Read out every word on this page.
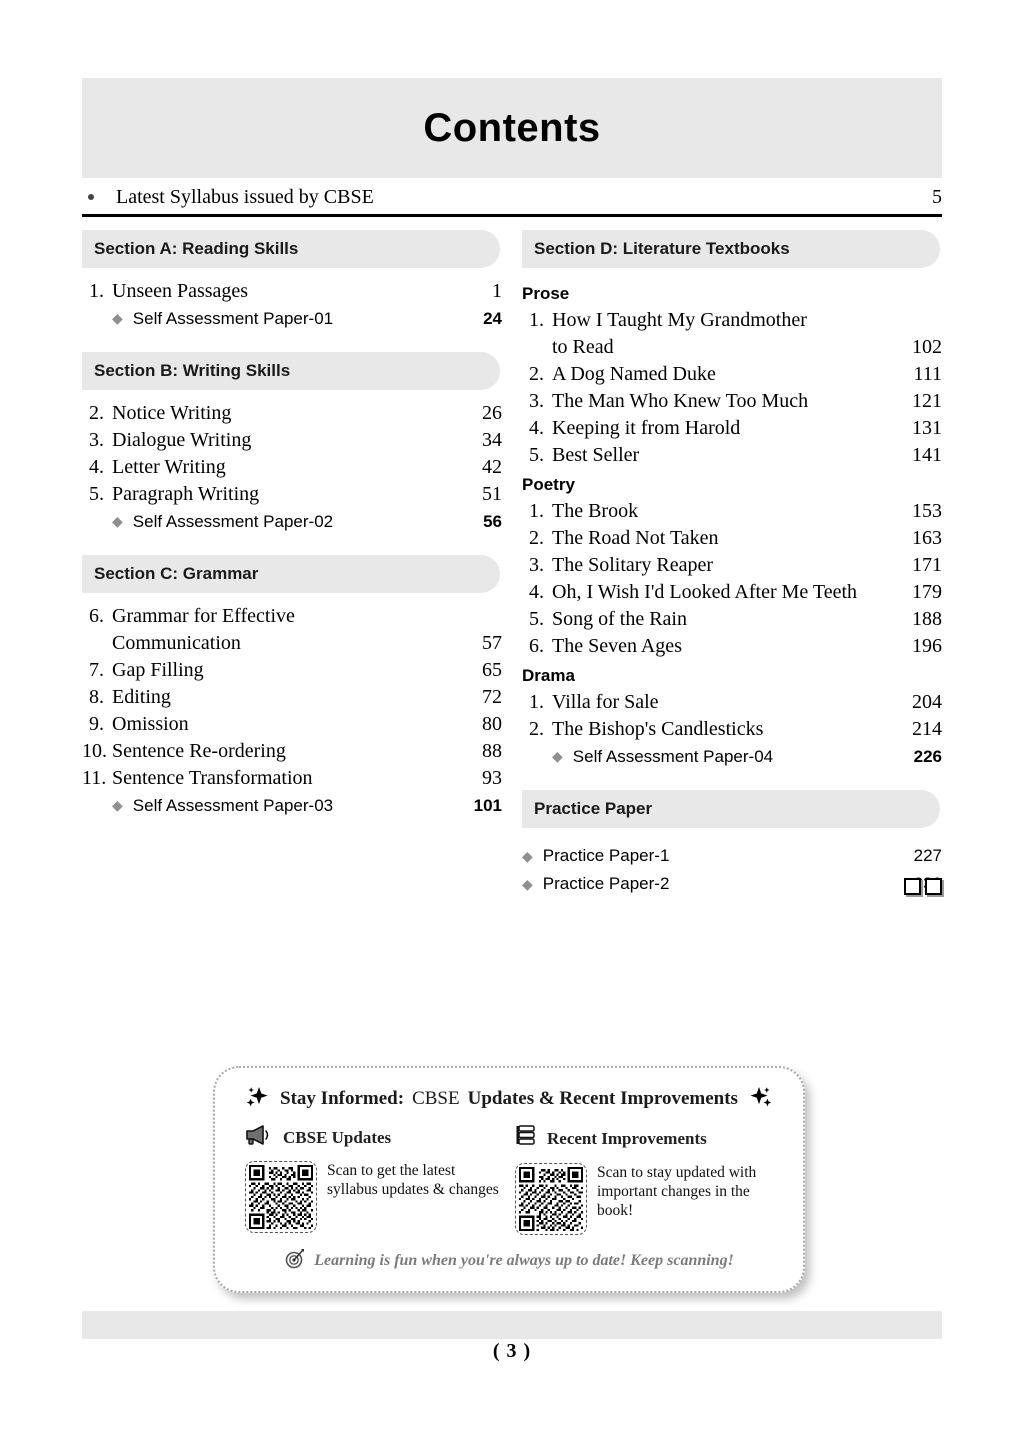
Contents
Latest Syllabus issued by CBSE	5
Section A: Reading Skills
1. Unseen Passages	1
◆ Self Assessment Paper-01	24
Section B: Writing Skills
2. Notice Writing	26
3. Dialogue Writing	34
4. Letter Writing	42
5. Paragraph Writing	51
◆ Self Assessment Paper-02	56
Section C: Grammar
6. Grammar for Effective
Communication	57
7. Gap Filling	65
8. Editing	72
9. Omission	80
10. Sentence Re-ordering	88
11. Sentence Transformation	93
◆ Self Assessment Paper-03	101
Section D: Literature Textbooks
Prose
1. How I Taught My Grandmother
to Read	102
2. A Dog Named Duke	111
3. The Man Who Knew Too Much	121
4. Keeping it from Harold	131
5. Best Seller	141
Poetry
1. The Brook	153
2. The Road Not Taken	163
3. The Solitary Reaper	171
4. Oh, I Wish I'd Looked After Me Teeth	179
5. Song of the Rain	188
6. The Seven Ages	196
Drama
1. Villa for Sale	204
2. The Bishop's Candlesticks	214
◆ Self Assessment Paper-04	226
Practice Paper
◆ Practice Paper-1	227
◆ Practice Paper-2
Stay Informed: CBSE Updates & Recent Improvements
CBSE Updates
Scan to get the latest syllabus updates & changes
Recent Improvements
Scan to stay updated with important changes in the book!
Learning is fun when you're always up to date! Keep scanning!
( 3 )
